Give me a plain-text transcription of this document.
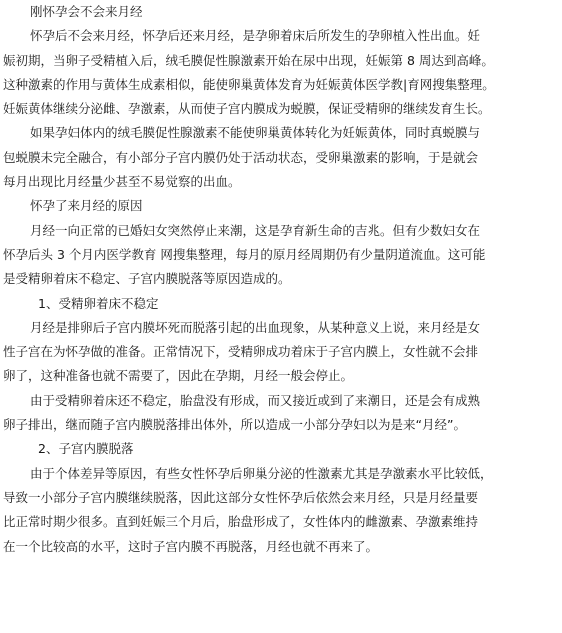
刚怀孕会不会来月经
怀孕后不会来月经，怀孕后还来月经，是孕卵着床后所发生的孕卵植入性出血。妊
娠初期，当卵子受精植入后，绒毛膜促性腺激素开始在尿中出现，妊娠第 8 周达到高峰。
这种激素的作用与黄体生成素相似，能使卵巢黄体发育为妊娠黄体医学教|育网搜集整理。
妊娠黄体继续分泌雌、孕激素，从而使子宫内膜成为蜕膜，保证受精卵的继续发育生长。
如果孕妇体内的绒毛膜促性腺激素不能使卵巢黄体转化为妊娠黄体，同时真蜕膜与
包蜕膜未完全融合，有小部分子宫内膜仍处于活动状态，受卵巢激素的影响，于是就会
每月出现比月经量少甚至不易觉察的出血。
怀孕了来月经的原因
月经一向正常的已婚妇女突然停止来潮，这是孕育新生命的吉兆。但有少数妇女在
怀孕后头 3 个月内医学教育 网搜集整理，每月的原月经周期仍有少量阴道流血。这可能
是受精卵着床不稳定、子宫内膜脱落等原因造成的。
1、受精卵着床不稳定
月经是排卵后子宫内膜坏死而脱落引起的出血现象，从某种意义上说，来月经是女
性子宫在为怀孕做的准备。正常情况下，受精卵成功着床于子宫内膜上，女性就不会排
卵了，这种准备也就不需要了，因此在孕期，月经一般会停止。
由于受精卵着床还不稳定，胎盘没有形成，而又接近或到了来潮日，还是会有成熟
卵子排出，继而随子宫内膜脱落排出体外，所以造成一小部分孕妇以为是来“月经”。
2、子宫内膜脱落
由于个体差异等原因，有些女性怀孕后卵巢分泌的性激素尤其是孕激素水平比较低，
导致一小部分子宫内膜继续脱落，因此这部分女性怀孕后依然会来月经，只是月经量要
比正常时期少很多。直到妊娠三个月后，胎盘形成了，女性体内的雌激素、孕激素维持
在一个比较高的水平，这时子宫内膜不再脱落，月经也就不再来了。
